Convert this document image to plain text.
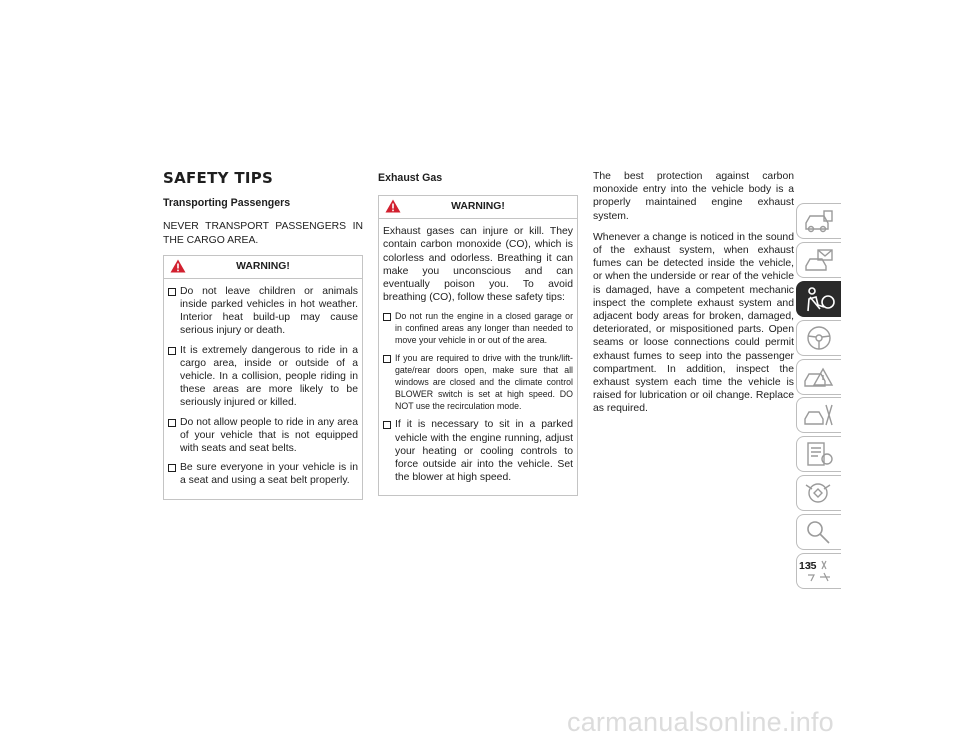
SAFETY TIPS
Transporting Passengers

NEVER TRANSPORT PASSENGERS IN THE CARGO AREA.

WARNING!
Do not leave children or animals inside parked vehicles in hot weather. Interior heat build-up may cause serious injury or death.
It is extremely dangerous to ride in a cargo area, inside or outside of a vehicle. In a collision, people riding in these areas are more likely to be seriously injured or killed.
Do not allow people to ride in any area of your vehicle that is not equipped with seats and seat belts.
Be sure everyone in your vehicle is in a seat and using a seat belt properly.
Exhaust Gas
WARNING!

Exhaust gases can injure or kill. They contain carbon monoxide (CO), which is colorless and odorless. Breathing it can make you unconscious and can eventually poison you. To avoid breathing (CO), follow these safety tips:

Do not run the engine in a closed garage or in confined areas any longer than needed to move your vehicle in or out of the area.
If you are required to drive with the trunk/lift-gate/rear doors open, make sure that all windows are closed and the climate control BLOWER switch is set at high speed. DO NOT use the recirculation mode.
If it is necessary to sit in a parked vehicle with the engine running, adjust your heating or cooling controls to force outside air into the vehicle. Set the blower at high speed.

The best protection against carbon monoxide entry into the vehicle body is a properly maintained engine exhaust system.

Whenever a change is noticed in the sound of the exhaust system, when exhaust fumes can be detected inside the vehicle, or when the underside or rear of the vehicle is damaged, have a competent mechanic inspect the complete exhaust system and adjacent body areas for broken, damaged, deteriorated, or mispositioned parts. Open seams or loose connections could permit exhaust fumes to seep into the passenger compartment. In addition, inspect the exhaust system each time the vehicle is raised for lubrication or oil change. Replace as required.

135
carmanualsonline.info
